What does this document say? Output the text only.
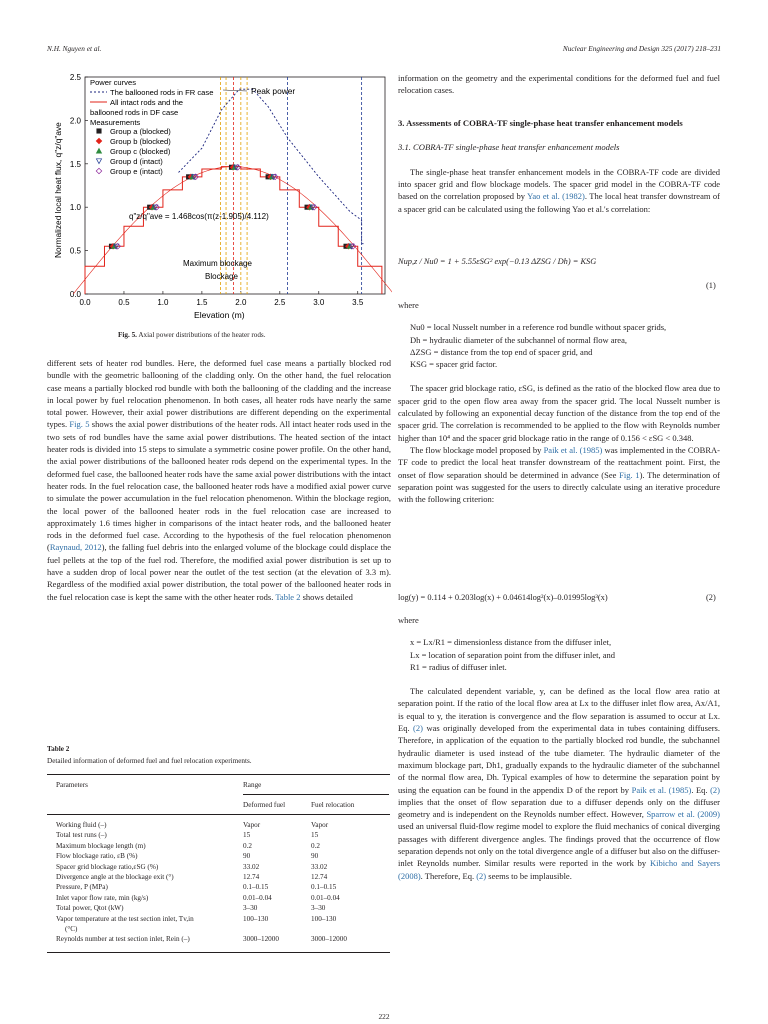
N.H. Nguyen et al.	Nuclear Engineering and Design 325 (2017) 218–231
0.0	0.5	1.0	1.5	2.0	2.5	3.0	3.5
0.0
0.5
1.0
1.5
2.0
2.5
Power curves
The ballooned rods in FR case
All intact rods and the
ballooned rods in DF case
Measurements
Group a (blocked)
Group b (blocked)
Group c (blocked)
Group d (intact)
Group e (intact)
Peak power
q"z/q"ave = 1.468cos(π(z-1.905)/4.112)
Maximum blockage
Blockage
Elevation (m)
Normalized local heat flux, q"z/q"ave
Fig. 5. Axial power distributions of the heater rods.

different sets of heater rod bundles. Here, the deformed fuel case means a partially blocked rod bundle with the geometric ballooning of the cladding only. On the other hand, the fuel relocation case means a partially blocked rod bundle with both the ballooning of the cladding and the increase in local power by fuel relocation phenomenon. In both cases, all heater rods have nearly the same total power. However, their axial power distributions are different depending on the experimental types. Fig. 5 shows the axial power distributions of the heater rods. All intact heater rods used in the two sets of rod bundles have the same axial power distributions. The heated section of the intact heater rods is divided into 15 steps to simulate a symmetric cosine power profile. On the other hand, the axial power distributions of the ballooned heater rods depend on the experimental types. In the deformed fuel case, the ballooned heater rods have the same axial power distributions with the intact heater rods. In the fuel relocation case, the ballooned heater rods have a modified axial power curve to simulate the power accumulation in the fuel relocation phenomenon. Within the blockage region, the local power of the ballooned heater rods in the fuel relocation case are increased to approximately 1.6 times higher in comparisons of the intact heater rods, and the ballooned heater rods in the deformed fuel case. According to the hypothesis of the fuel relocation phenomenon (Raynaud, 2012), the falling fuel debris into the enlarged volume of the blockage could displace the fuel pellets at the top of the fuel rod. Therefore, the modified axial power distribution is set up to have a sudden drop of local power near the outlet of the test section (at the elevation of 3.3 m). Regardless of the modified axial power distribution, the total power of the ballooned heater rods in the fuel relocation case is kept the same with the other heater rods. Table 2 shows detailed

Table 2
Detailed information of deformed fuel and fuel relocation experiments.
Parameters	Range
Deformed fuel	Fuel relocation
Working fluid (–)	Vapor	Vapor
Total test runs (–)	15	15
Maximum blockage length (m)	0.2	0.2
Flow blockage ratio, εB (%)	90	90
Spacer grid blockage ratio,εSG (%)	33.02	33.02
Divergence angle at the blockage exit (°)	12.74	12.74
Pressure, P (MPa)	0.1–0.15	0.1–0.15
Inlet vapor flow rate, min (kg/s)	0.01–0.04	0.01–0.04
Total power, Qtot (kW)	3–30	3–30
Vapor temperature at the test section inlet, Tv,in	100–130	100–130
(°C)
Reynolds number at test section inlet, Rein (–)	3000–12000	3000–12000

information on the geometry and the experimental conditions for the deformed fuel and fuel relocation cases.

3. Assessments of COBRA-TF single-phase heat transfer enhancement models

3.1. COBRA-TF single-phase heat transfer enhancement models

The single-phase heat transfer enhancement models in the COBRA-TF code are divided into spacer grid and flow blockage models. The spacer grid model in the COBRA-TF code based on the correlation proposed by Yao et al. (1982). The local heat transfer downstream of a spacer grid can be calculated using the following Yao et al.'s correlation:

Nup,z / Nu0 = 1 + 5.55εSG² exp(−0.13 ΔZSG / Dh) = KSG
(1)

where

Nu0 = local Nusselt number in a reference rod bundle without spacer grids,

Dh = hydraulic diameter of the subchannel of normal flow area,

ΔZSG = distance from the top end of spacer grid, and

KSG = spacer grid factor.

The spacer grid blockage ratio, εSG, is defined as the ratio of the blocked flow area due to spacer grid to the open flow area away from the spacer grid. The local Nusselt number is calculated by following an exponential decay function of the distance from the top end of the spacer grid. The correlation is recommended to be applied to the flow with Reynolds number higher than 10⁴ and the spacer grid blockage ratio in the range of 0.156 < εSG < 0.348.

The flow blockage model proposed by Paik et al. (1985) was implemented in the COBRA-TF code to predict the local heat transfer downstream of the reattachment point. First, the onset of flow separation should be determined in advance (See Fig. 1). The determination of separation point was suggested for the users to directly calculate using an iterative procedure with the following criterion:

log(y) = 0.114 + 0.203log(x) + 0.04614log²(x)–0.01995log³(x)	(2)

where

x = Lx/R1 = dimensionless distance from the diffuser inlet,

Lx = location of separation point from the diffuser inlet, and

R1 = radius of diffuser inlet.

The calculated dependent variable, y, can be defined as the local flow area ratio at separation point. If the ratio of the local flow area at Lx to the diffuser inlet flow area, Ax/A1, is equal to y, the iteration is convergence and the flow separation is assumed to occur at Lx. Eq. (2) was originally developed from the experimental data in tubes containing diffusers. Therefore, in application of the equation to the partially blocked rod bundle, the subchannel hydraulic diameter is used instead of the tube diameter. The hydraulic diameter of the maximum blockage part, Dh1, gradually expands to the hydraulic diameter of the subchannel of the normal flow area, Dh. Typical examples of how to determine the separation point by using the equation can be found in the appendix D of the report by Paik et al. (1985). Eq. (2) implies that the onset of flow separation due to a diffuser depends only on the diffuser geometry and is independent on the Reynolds number effect. However, Sparrow et al. (2009) used an universal fluid-flow regime model to explore the fluid mechanics of conical diverging passages with different divergence angles. The findings proved that the occurrence of flow separation depends not only on the total divergence angle of a diffuser but also on the diffuser-inlet Reynolds number. Similar results were reported in the work by Kibicho and Sayers (2008). Therefore, Eq. (2) seems to be implausible.

222
